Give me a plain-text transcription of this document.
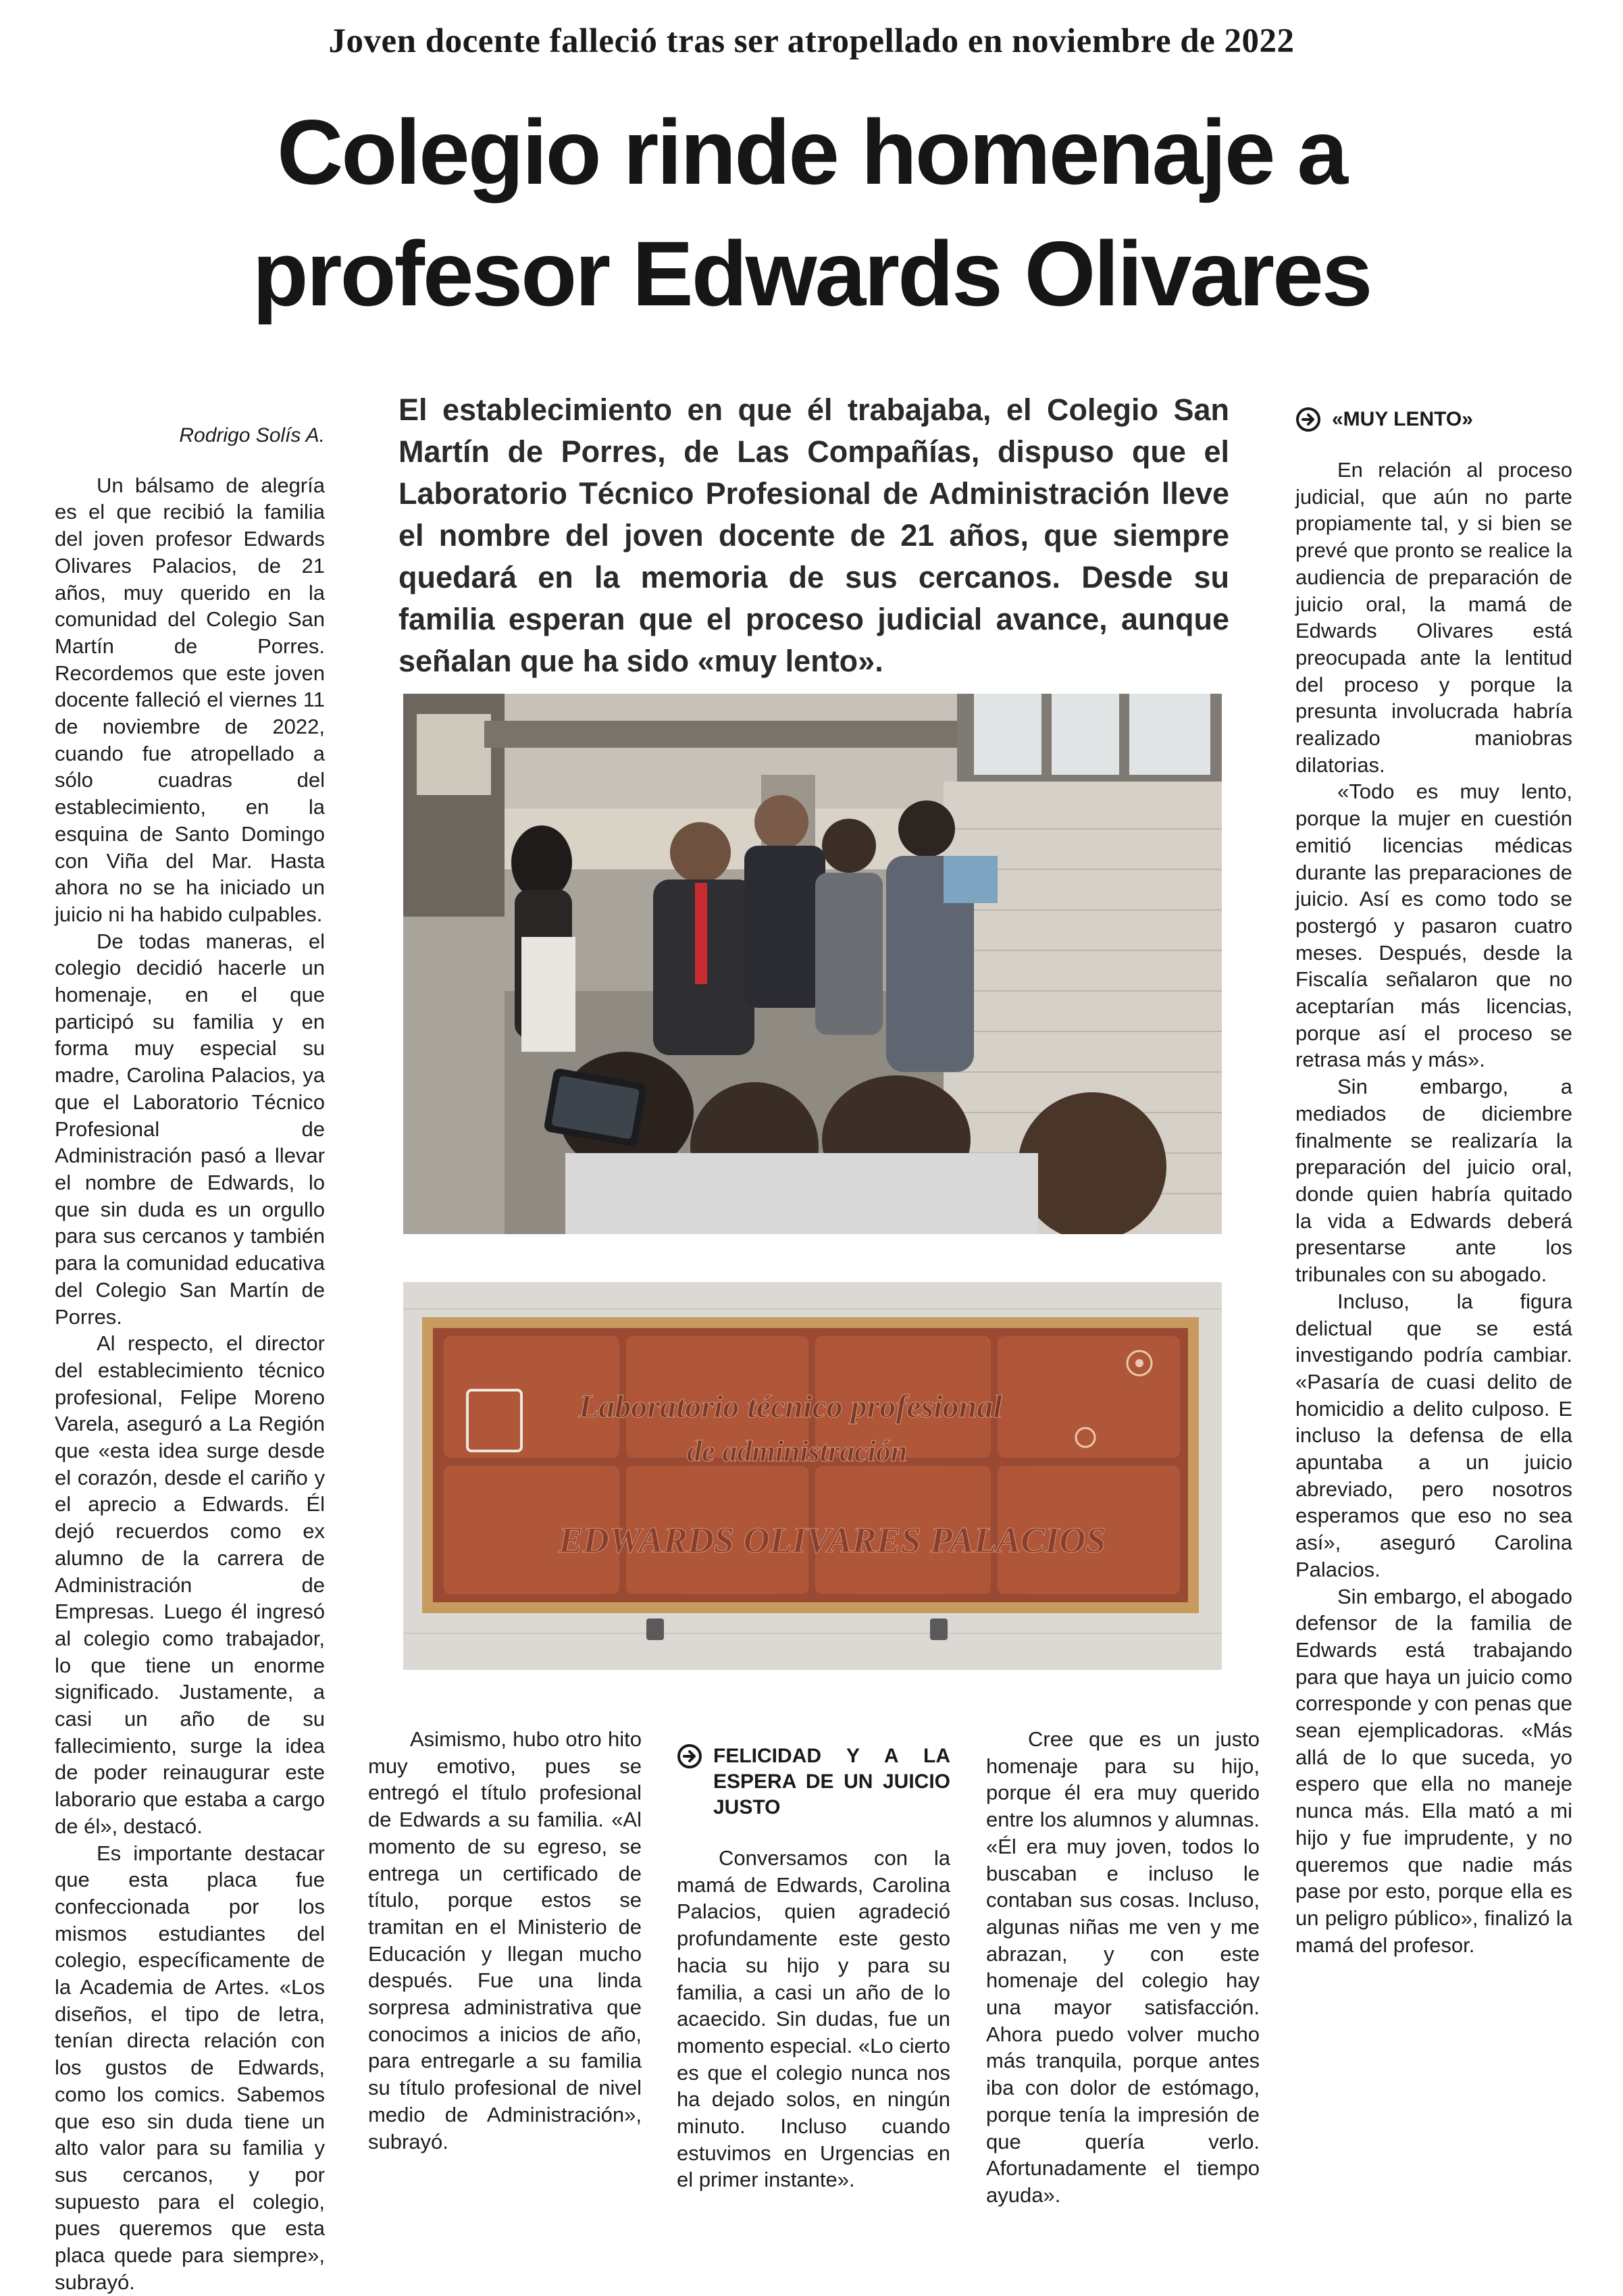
Joven docente falleció tras ser atropellado en noviembre de 2022
Colegio rinde homenaje a
profesor Edwards Olivares

Rodrigo Solís A.

Un bálsamo de alegría es el que recibió la familia del joven profesor Edwards Olivares Palacios, de 21 años, muy querido en la comunidad del Colegio San Martín de Porres. Recordemos que este joven docente falleció el viernes 11 de noviembre de 2022, cuando fue atropellado a sólo cuadras del establecimiento, en la esquina de Santo Domingo con Viña del Mar. Hasta ahora no se ha iniciado un juicio ni ha habido culpables.

De todas maneras, el colegio decidió hacerle un homenaje, en el que participó su familia y en forma muy especial su madre, Carolina Palacios, ya que el Laboratorio Técnico Profesional de Administración pasó a llevar el nombre de Edwards, lo que sin duda es un orgullo para sus cercanos y también para la comunidad educativa del Colegio San Martín de Porres.

Al respecto, el director del establecimiento técnico profesional, Felipe Moreno Varela, aseguró a La Región que «esta idea surge desde el corazón, desde el cariño y el aprecio a Edwards. Él dejó recuerdos como ex alumno de la carrera de Administración de Empresas. Luego él ingresó al colegio como trabajador, lo que tiene un enorme significado. Justamente, a casi un año de su fallecimiento, surge la idea de poder reinaugurar este laborario que estaba a cargo de él», destacó.

Es importante destacar que esta placa fue confeccionada por los mismos estudiantes del colegio, específicamente de la Academia de Artes. «Los diseños, el tipo de letra, tenían directa relación con los gustos de Edwards, como los comics. Sabemos que eso sin duda tiene un alto valor para su familia y sus cercanos, y por supuesto para el colegio, pues queremos que esta placa quede para siempre», subrayó.

El establecimiento en que él trabajaba, el Colegio San Martín de Porres, de Las Compañías, dispuso que el Laboratorio Técnico Profesional de Administración lleve el nombre del joven docente de 21 años, que siempre quedará en la memoria de sus cercanos. Desde su familia esperan que el proceso judicial avance, aunque señalan que ha sido «muy lento».
Laboratorio técnico profesional
de administración
EDWARDS OLIVARES PALACIOS

Asimismo, hubo otro hito muy emotivo, pues se entregó el título profesional de Edwards a su familia. «Al momento de su egreso, se entrega un certificado de título, porque estos se tramitan en el Ministerio de Educación y llegan mucho después. Fue una linda sorpresa administrativa que conocimos a inicios de año, para entregarle a su familia su título profesional de nivel medio de Administración», subrayó.

FELICIDAD Y A LA ESPERA DE UN JUICIO JUSTO

Conversamos con la mamá de Edwards, Carolina Palacios, quien agradeció profundamente este gesto hacia su hijo y para su familia, a casi un año de lo acaecido. Sin dudas, fue un momento especial. «Lo cierto es que el colegio nunca nos ha dejado solos, en ningún minuto. Incluso cuando estuvimos en Urgencias en el primer instante».

Cree que es un justo homenaje para su hijo, porque él era muy querido entre los alumnos y alumnas. «Él era muy joven, todos lo buscaban e incluso le contaban sus cosas. Incluso, algunas niñas me ven y me abrazan, y con este homenaje del colegio hay una mayor satisfacción. Ahora puedo volver mucho más tranquila, porque antes iba con dolor de estómago, porque tenía la impresión de que quería verlo. Afortunadamente el tiempo ayuda».

«MUY LENTO»

En relación al proceso judicial, que aún no parte propiamente tal, y si bien se prevé que pronto se realice la audiencia de preparación de juicio oral, la mamá de Edwards Olivares está preocupada ante la lentitud del proceso y porque la presunta involucrada habría realizado maniobras dilatorias.

«Todo es muy lento, porque la mujer en cuestión emitió licencias médicas durante las preparaciones de juicio. Así es como todo se postergó y pasaron cuatro meses. Después, desde la Fiscalía señalaron que no aceptarían más licencias, porque así el proceso se retrasa más y más».

Sin embargo, a mediados de diciembre finalmente se realizaría la preparación del juicio oral, donde quien habría quitado la vida a Edwards deberá presentarse ante los tribunales con su abogado.

Incluso, la figura delictual que se está investigando podría cambiar. «Pasaría de cuasi delito de homicidio a delito culposo. E incluso la defensa de ella apuntaba a un juicio abreviado, pero nosotros esperamos que eso no sea así», aseguró Carolina Palacios.

Sin embargo, el abogado defensor de la familia de Edwards está trabajando para que haya un juicio como corresponde y con penas que sean ejemplicadoras. «Más allá de lo que suceda, yo espero que ella no maneje nunca más. Ella mató a mi hijo y fue imprudente, y no queremos que nadie más pase por esto, porque ella es un peligro público», finalizó la mamá del profesor.
